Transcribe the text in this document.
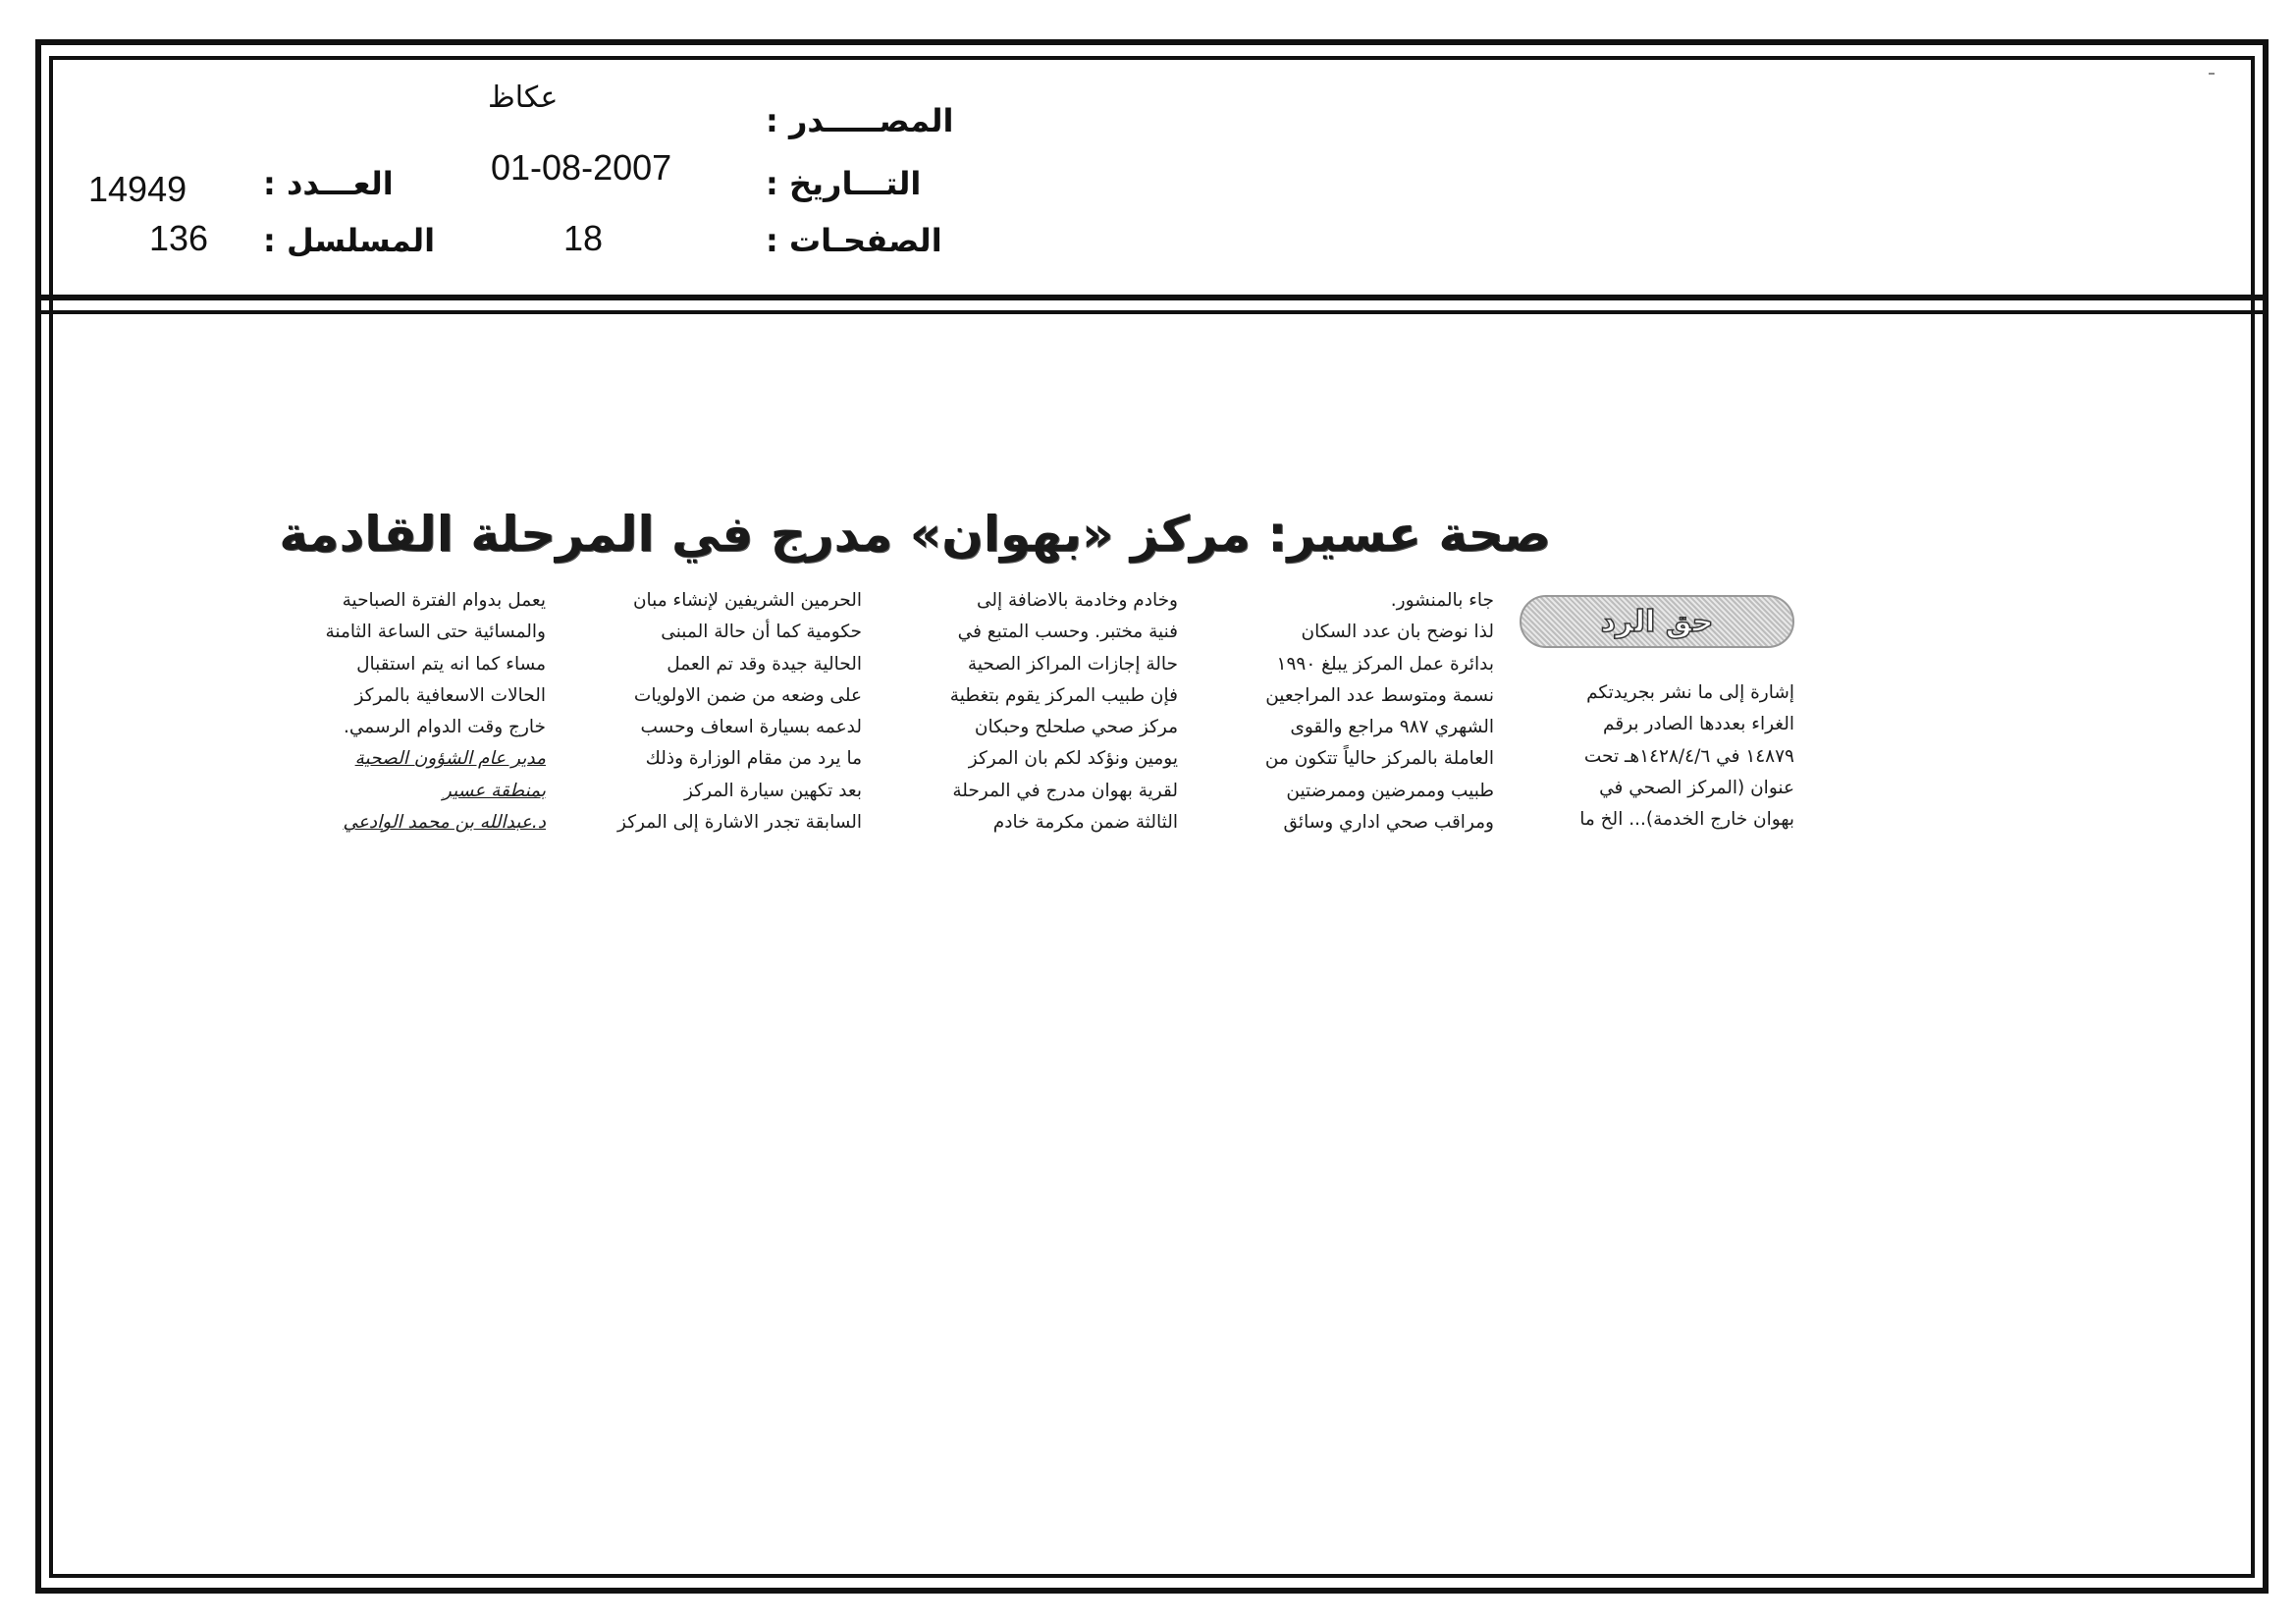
المصـــــدر :
عكاظ
التـــاريخ :
01-08-2007
الصفحـات :
18
العـــدد :
14949
المسلسل :
136
صحة عسير: مركز «بهوان» مدرج في المرحلة القادمة
حق الرد

إشارة إلى ما نشر بجريدتكم

الغراء بعددها الصادر برقم

١٤٨٧٩ في ١٤٢٨/٤/٦هـ تحت

عنوان (المركز الصحي في

بهوان خارج الخدمة)... الخ ما

جاء بالمنشور.

لذا نوضح بان عدد السكان

بدائرة عمل المركز يبلغ ١٩٩٠

نسمة ومتوسط عدد المراجعين

الشهري ٩٨٧ مراجع والقوى

العاملة بالمركز حالياً تتكون من

طبيب وممرضين وممرضتين

ومراقب صحي اداري وسائق

وخادم وخادمة بالاضافة إلى

فنية مختبر. وحسب المتبع في

حالة إجازات المراكز الصحية

فإن طبيب المركز يقوم بتغطية

مركز صحي صلحلح وحبكان

يومين ونؤكد لكم بان المركز

لقرية بهوان مدرج في المرحلة

الثالثة ضمن مكرمة خادم

الحرمين الشريفين لإنشاء مبان

حكومية كما أن حالة المبنى

الحالية جيدة وقد تم العمل

على وضعه من ضمن الاولويات

لدعمه بسيارة اسعاف وحسب

ما يرد من مقام الوزارة وذلك

بعد تكهين سيارة المركز

السابقة تجدر الاشارة إلى المركز

يعمل بدوام الفترة الصباحية

والمسائية حتى الساعة الثامنة

مساء كما انه يتم استقبال

الحالات الاسعافية بالمركز

خارج وقت الدوام الرسمي.

مدير عام الشؤون الصحية

بمنطقة عسير

د.عبدالله بن محمد الوادعي
